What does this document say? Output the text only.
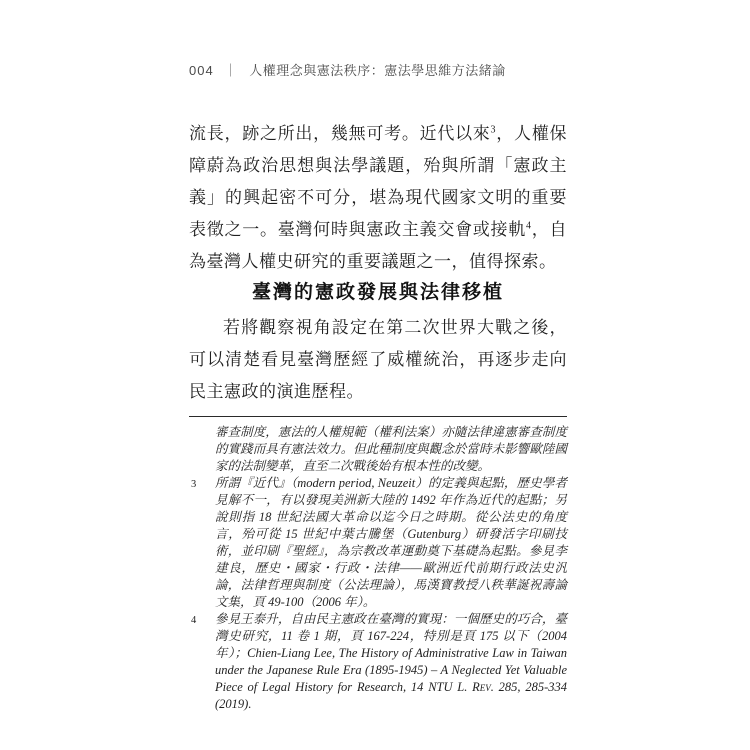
004 ｜ 人權理念與憲法秩序：憲法學思維方法緒論

流長，跡之所出，幾無可考。近代以來$^3$，人權保障蔚為政治思想與法學議題，殆與所謂「憲政主義」的興起密不可分，堪為現代國家文明的重要表徵之一。臺灣何時與憲政主義交會或接軌$^4$，自為臺灣人權史研究的重要議題之一，值得探索。

臺灣的憲政發展與法律移植

若將觀察視角設定在第二次世界大戰之後，可以清楚看見臺灣歷經了威權統治，再逐步走向民主憲政的演進歷程。

審查制度，憲法的人權規範（權利法案）亦隨法律違憲審查制度的實踐而具有憲法效力。但此種制度與觀念於當時未影響歐陸國家的法制變革，直至二次戰後始有根本性的改變。

3 所謂『近代』（modern period, Neuzeit）的定義與起點，歷史學者見解不一，有以發現美洲新大陸的 1492 年作為近代的起點；另說則指 18 世紀法國大革命以迄今日之時期。從公法史的角度言，殆可從 15 世紀中葉古騰堡（Gutenburg）研發活字印刷技術，並印刷『聖經』，為宗教改革運動奠下基礎為起點。參見李建良，歷史・國家・行政・法律——歐洲近代前期行政法史汎論，法律哲理與制度（公法理論），馬漢寶教授八秩華誕祝壽論文集，頁 49-100（2006 年）。

4 參見王泰升，自由民主憲政在臺灣的實現：一個歷史的巧合，臺灣史研究，11 卷 1 期，頁 167-224，特別是頁 175 以下（2004 年）；Chien-Liang Lee, The History of Administrative Law in Taiwan under the Japanese Rule Era (1895-1945) – A Neglected Yet Valuable Piece of Legal History for Research, 14 NTU L. Rev. 285, 285-334 (2019).
